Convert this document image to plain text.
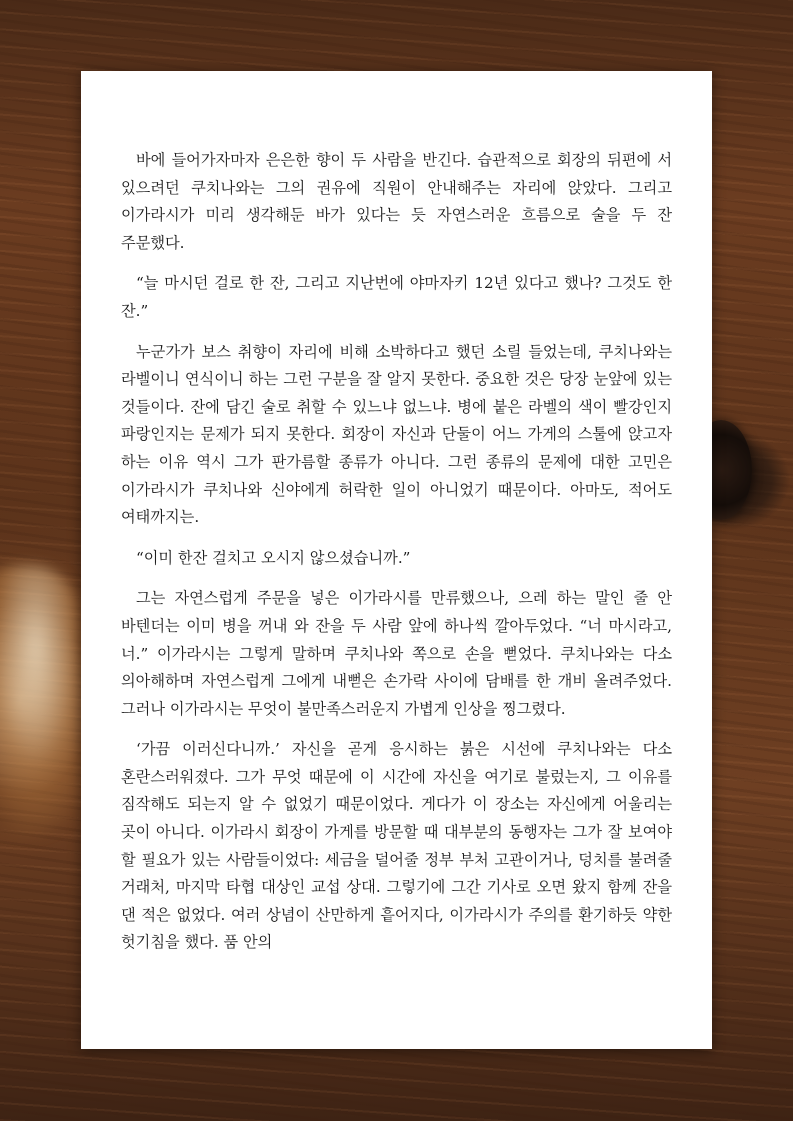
바에 들어가자마자 은은한 향이 두 사람을 반긴다. 습관적으로 회장의 뒤편에 서 있으려던 쿠치나와는 그의 권유에 직원이 안내해주는 자리에 앉았다. 그리고 이가라시가 미리 생각해둔 바가 있다는 듯 자연스러운 흐름으로 술을 두 잔 주문했다.

“늘 마시던 걸로 한 잔, 그리고 지난번에 야마자키 12년 있다고 했나? 그것도 한 잔.”

누군가가 보스 취향이 자리에 비해 소박하다고 했던 소릴 들었는데, 쿠치나와는 라벨이니 연식이니 하는 그런 구분을 잘 알지 못한다. 중요한 것은 당장 눈앞에 있는 것들이다. 잔에 담긴 술로 취할 수 있느냐 없느냐. 병에 붙은 라벨의 색이 빨강인지 파랑인지는 문제가 되지 못한다. 회장이 자신과 단둘이 어느 가게의 스툴에 앉고자 하는 이유 역시 그가 판가름할 종류가 아니다. 그런 종류의 문제에 대한 고민은 이가라시가 쿠치나와 신야에게 허락한 일이 아니었기 때문이다. 아마도, 적어도 여태까지는.

“이미 한잔 걸치고 오시지 않으셨습니까.”

그는 자연스럽게 주문을 넣은 이가라시를 만류했으나, 으레 하는 말인 줄 안 바텐더는 이미 병을 꺼내 와 잔을 두 사람 앞에 하나씩 깔아두었다. “너 마시라고, 너.” 이가라시는 그렇게 말하며 쿠치나와 쪽으로 손을 뻗었다. 쿠치나와는 다소 의아해하며 자연스럽게 그에게 내뻗은 손가락 사이에 담배를 한 개비 올려주었다. 그러나 이가라시는 무엇이 불만족스러운지 가볍게 인상을 찡그렸다.

‘가끔 이러신다니까.’ 자신을 곧게 응시하는 붉은 시선에 쿠치나와는 다소 혼란스러워졌다. 그가 무엇 때문에 이 시간에 자신을 여기로 불렀는지, 그 이유를 짐작해도 되는지 알 수 없었기 때문이었다. 게다가 이 장소는 자신에게 어울리는 곳이 아니다. 이가라시 회장이 가게를 방문할 때 대부분의 동행자는 그가 잘 보여야 할 필요가 있는 사람들이었다: 세금을 덜어줄 정부 부처 고관이거나, 덩치를 불려줄 거래처, 마지막 타협 대상인 교섭 상대. 그렇기에 그간 기사로 오면 왔지 함께 잔을 댄 적은 없었다. 여러 상념이 산만하게 흩어지다, 이가라시가 주의를 환기하듯 약한 헛기침을 했다. 품 안의
